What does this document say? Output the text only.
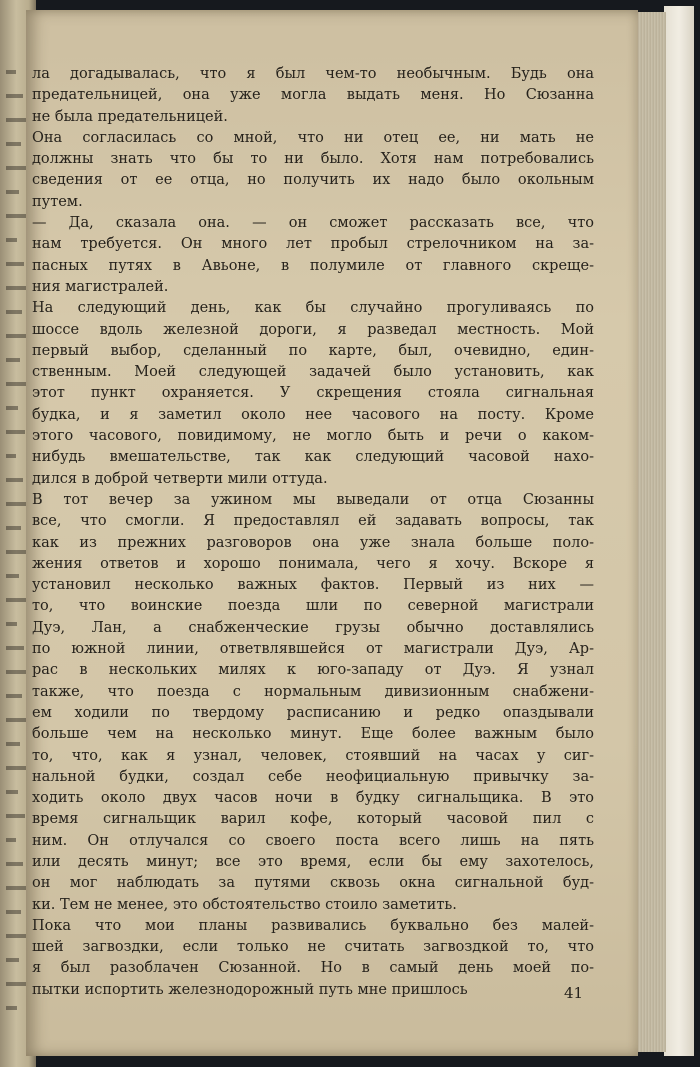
ла догадывалась, что я был чем-то необычным. Будь она
предательницей, она уже могла выдать меня. Но Сюзанна
не была предательницей.
Она согласилась со мной, что ни отец ее, ни мать не
должны знать что бы то ни было. Хотя нам потребовались
сведения от ее отца, но получить их надо было окольным
путем.
— Да, сказала она. — он сможет рассказать все, что
нам требуется. Он много лет пробыл стрелочником на за-
пасных путях в Авьоне, в полумиле от главного скреще-
ния магистралей.
На следующий день, как бы случайно прогуливаясь по
шоссе вдоль железной дороги, я разведал местность. Мой
первый выбор, сделанный по карте, был, очевидно, един-
ственным. Моей следующей задачей было установить, как
этот пункт охраняется. У скрещения стояла сигнальная
будка, и я заметил около нее часового на посту. Кроме
этого часового, повидимому, не могло быть и речи о каком-
нибудь вмешательстве, так как следующий часовой нахо-
дился в доброй четверти мили оттуда.
В тот вечер за ужином мы выведали от отца Сюзанны
все, что смогли. Я предоставлял ей задавать вопросы, так
как из прежних разговоров она уже знала больше поло-
жения ответов и хорошо понимала, чего я хочу. Вскоре я
установил несколько важных фактов. Первый из них —
то, что воинские поезда шли по северной магистрали
Дуэ, Лан, а снабженческие грузы обычно доставлялись
по южной линии, ответвлявшейся от магистрали Дуэ, Ар-
рас в нескольких милях к юго-западу от Дуэ. Я узнал
также, что поезда с нормальным дивизионным снабжени-
ем ходили по твердому расписанию и редко опаздывали
больше чем на несколько минут. Еще более важным было
то, что, как я узнал, человек, стоявший на часах у сиг-
нальной будки, создал себе неофициальную привычку за-
ходить около двух часов ночи в будку сигнальщика. В это
время сигнальщик варил кофе, который часовой пил с
ним. Он отлучался со своего поста всего лишь на пять
или десять минут; все это время, если бы ему захотелось,
он мог наблюдать за путями сквозь окна сигнальной буд-
ки. Тем не менее, это обстоятельство стоило заметить.
Пока что мои планы развивались буквально без малей-
шей загвоздки, если только не считать загвоздкой то, что
я был разоблачен Сюзанной. Но в самый день моей по-
пытки испортить железнодорожный путь мне пришлось	41
